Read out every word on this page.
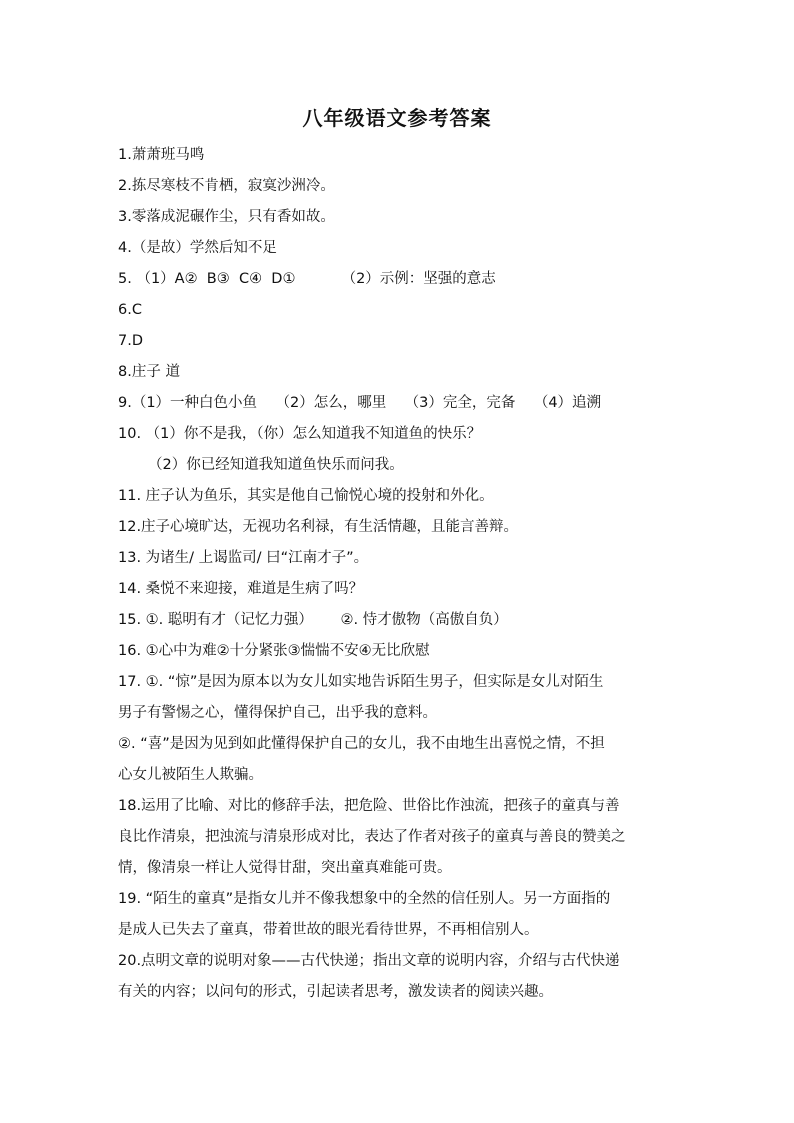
八年级语文参考答案
1.萧萧班马鸣
2.拣尽寒枝不肯栖，寂寞沙洲冷。
3.零落成泥碾作尘，只有香如故。
4.（是故）学然后知不足
5. （1）A②  B③  C④  D①          （2）示例：坚强的意志
6.C
7.D
8.庄子 道
9.（1）一种白色小鱼    （2）怎么，哪里    （3）完全，完备    （4）追溯
10. （1）你不是我，（你）怎么知道我不知道鱼的快乐？
（2）你已经知道我知道鱼快乐而问我。
11. 庄子认为鱼乐，其实是他自己愉悦心境的投射和外化。
12.庄子心境旷达，无视功名利禄，有生活情趣，且能言善辩。
13. 为诸生/ 上谒监司/ 曰“江南才子”。
14. 桑悦不来迎接，难道是生病了吗？
15. ①. 聪明有才（记忆力强）      ②. 恃才傲物（高傲自负）
16. ①心中为难②十分紧张③惴惴不安④无比欣慰
17. ①. “惊”是因为原本以为女儿如实地告诉陌生男子，但实际是女儿对陌生
男子有警惕之心，懂得保护自己，出乎我的意料。
②. “喜”是因为见到如此懂得保护自己的女儿，我不由地生出喜悦之情，不担
心女儿被陌生人欺骗。
18.运用了比喻、对比的修辞手法，把危险、世俗比作浊流，把孩子的童真与善
良比作清泉，把浊流与清泉形成对比，表达了作者对孩子的童真与善良的赞美之
情，像清泉一样让人觉得甘甜，突出童真难能可贵。
19. “陌生的童真”是指女儿并不像我想象中的全然的信任别人。另一方面指的
是成人已失去了童真，带着世故的眼光看待世界，不再相信别人。
20.点明文章的说明对象——古代快递；指出文章的说明内容，介绍与古代快递
有关的内容；以问句的形式，引起读者思考，激发读者的阅读兴趣。
